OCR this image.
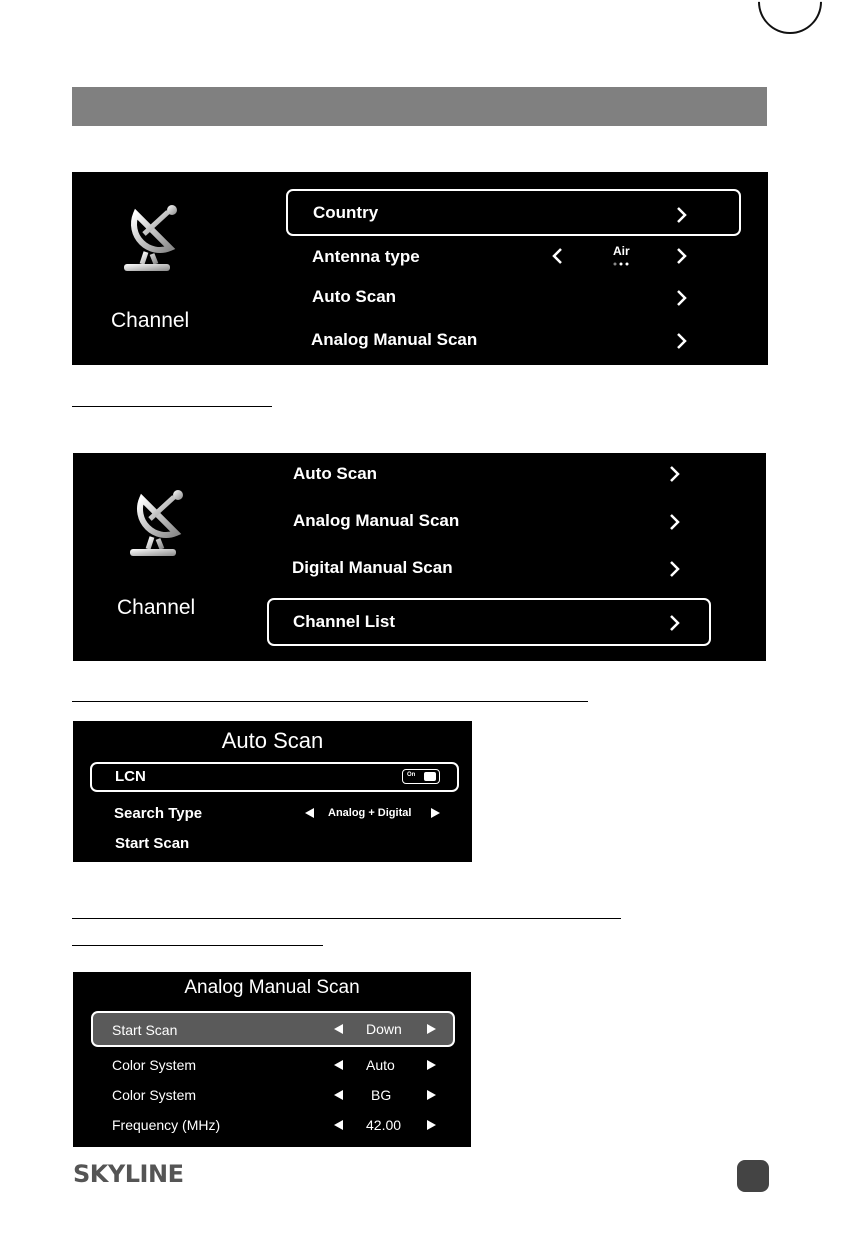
Channel
Country
Antenna type	Air
Auto Scan
Analog Manual Scan
Channel
Auto Scan
Analog Manual Scan
Digital Manual Scan
Channel List
Auto Scan
LCN	On
Search Type	Analog + Digital
Start Scan
Analog Manual Scan
Start Scan	Down
Color System	Auto
Color System	BG
Frequency (MHz)	42.00
SKYLINE
